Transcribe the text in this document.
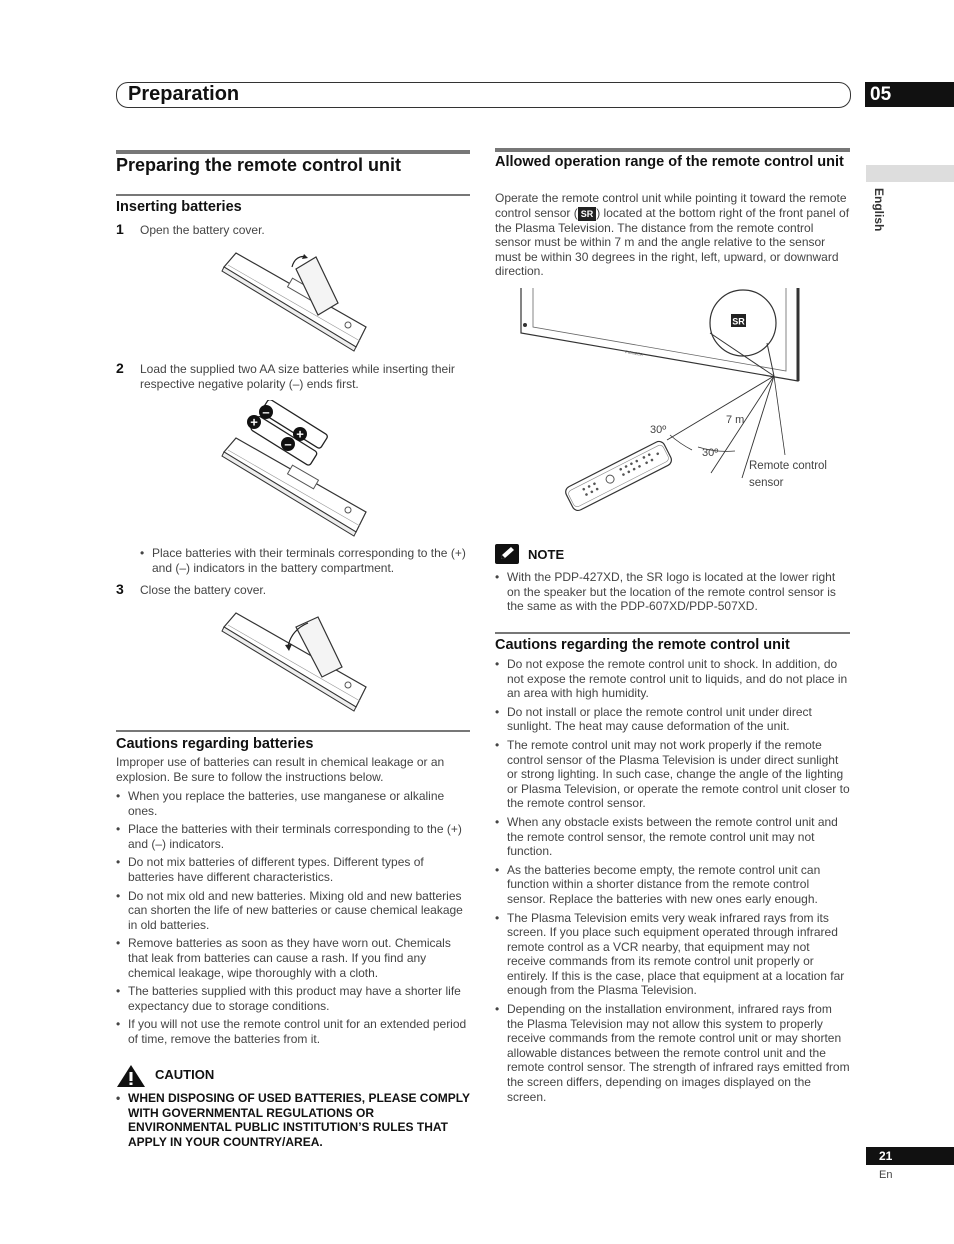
Preparation	05
English
Preparing the remote control unit
Inserting batteries
1 Open the battery cover.
2 Load the supplied two AA size batteries while inserting their respective negative polarity (–) ends first.
+
–
+
–
• Place batteries with their terminals corresponding to the (+) and (–) indicators in the battery compartment.
3 Close the battery cover.
Cautions regarding batteries
Improper use of batteries can result in chemical leakage or an explosion. Be sure to follow the instructions below.
• When you replace the batteries, use manganese or alkaline ones.
• Place the batteries with their terminals corresponding to the (+) and (–) indicators.
• Do not mix batteries of different types. Different types of batteries have different characteristics.
• Do not mix old and new batteries. Mixing old and new batteries can shorten the life of new batteries or cause chemical leakage in old batteries.
• Remove batteries as soon as they have worn out. Chemicals that leak from batteries can cause a rash. If you find any chemical leakage, wipe thoroughly with a cloth.
• The batteries supplied with this product may have a shorter life expectancy due to storage conditions.
• If you will not use the remote control unit for an extended period of time, remove the batteries from it.
CAUTION
• WHEN DISPOSING OF USED BATTERIES, PLEASE COMPLY WITH GOVERNMENTAL REGULATIONS OR ENVIRONMENTAL PUBLIC INSTITUTION’S RULES THAT APPLY IN YOUR COUNTRY/AREA.
Allowed operation range of the remote control unit
Operate the remote control unit while pointing it toward the remote control sensor ( SR ) located at the bottom right of the front panel of the Plasma Television. The distance from the remote control sensor must be within 7 m and the angle relative to the sensor must be within 30 degrees in the right, left, upward, or downward direction.
PIONEER
SR
30º
30º
7 m
Remote control
sensor
NOTE
• With the PDP-427XD, the SR logo is located at the lower right on the speaker but the location of the remote control sensor is the same as with the PDP-607XD/PDP-507XD.
Cautions regarding the remote control unit
• Do not expose the remote control unit to shock. In addition, do not expose the remote control unit to liquids, and do not place in an area with high humidity.
• Do not install or place the remote control unit under direct sunlight. The heat may cause deformation of the unit.
• The remote control unit may not work properly if the remote control sensor of the Plasma Television is under direct sunlight or strong lighting. In such case, change the angle of the lighting or Plasma Television, or operate the remote control unit closer to the remote control sensor.
• When any obstacle exists between the remote control unit and the remote control sensor, the remote control unit may not function.
• As the batteries become empty, the remote control unit can function within a shorter distance from the remote control sensor. Replace the batteries with new ones early enough.
• The Plasma Television emits very weak infrared rays from its screen. If you place such equipment operated through infrared remote control as a VCR nearby, that equipment may not receive commands from its remote control unit properly or entirely. If this is the case, place that equipment at a location far enough from the Plasma Television.
• Depending on the installation environment, infrared rays from the Plasma Television may not allow this system to properly receive commands from the remote control unit or may shorten allowable distances between the remote control unit and the remote control sensor. The strength of infrared rays emitted from the screen differs, depending on images displayed on the screen.
21
En
